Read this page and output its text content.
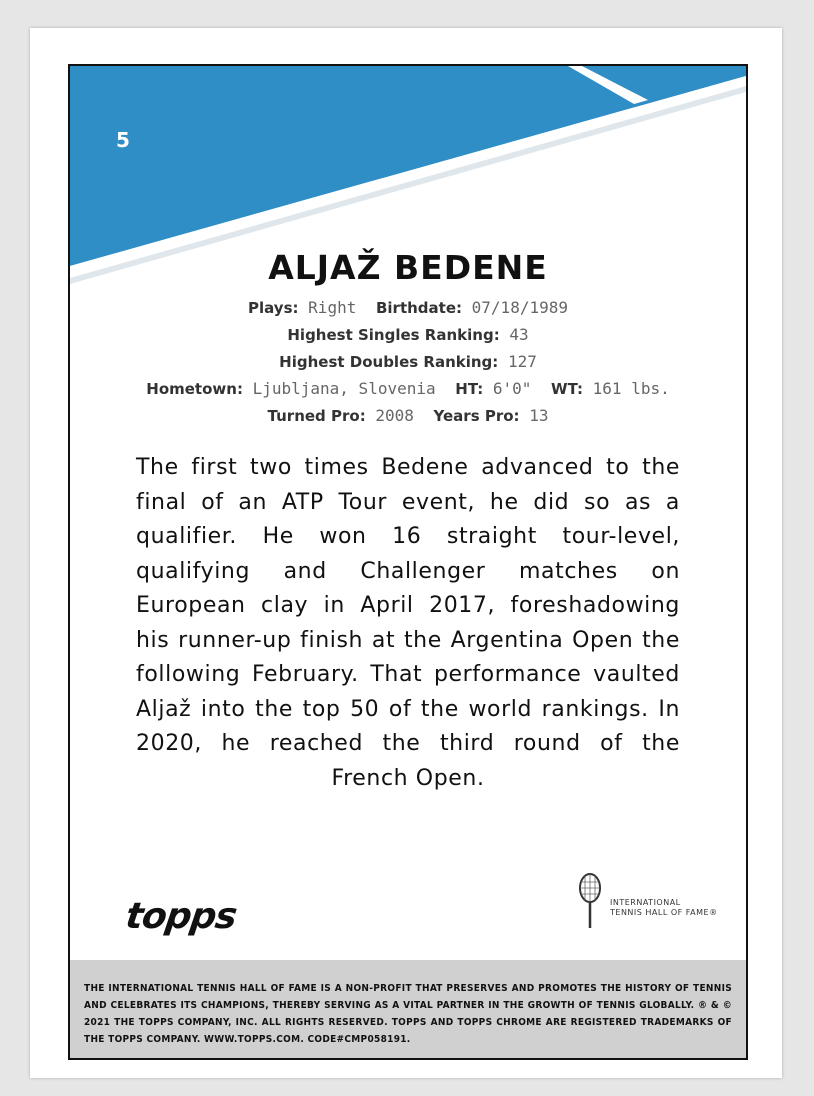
5
ALJAŽ BEDENE
Plays: Right Birthdate: 07/18/1989
Highest Singles Ranking: 43
Highest Doubles Ranking: 127
Hometown: Ljubljana, Slovenia HT: 6'0" WT: 161 lbs.
Turned Pro: 2008 Years Pro: 13
The first two times Bedene advanced to the final of an ATP Tour event, he did so as a qualifier. He won 16 straight tour-level, qualifying and Challenger matches on European clay in April 2017, foreshadowing his runner-up finish at the Argentina Open the following February. That performance vaulted Aljaž into the top 50 of the world rankings. In 2020, he reached the third round of the French Open.
topps	INTERNATIONAL
TENNIS HALL OF FAME®
THE INTERNATIONAL TENNIS HALL OF FAME IS A NON-PROFIT THAT PRESERVES AND PROMOTES THE HISTORY OF TENNIS AND CELEBRATES ITS CHAMPIONS, THEREBY SERVING AS A VITAL PARTNER IN THE GROWTH OF TENNIS GLOBALLY. ® & © 2021 THE TOPPS COMPANY, INC. ALL RIGHTS RESERVED. TOPPS AND TOPPS CHROME ARE REGISTERED TRADEMARKS OF THE TOPPS COMPANY. WWW.TOPPS.COM. CODE#CMP058191.
